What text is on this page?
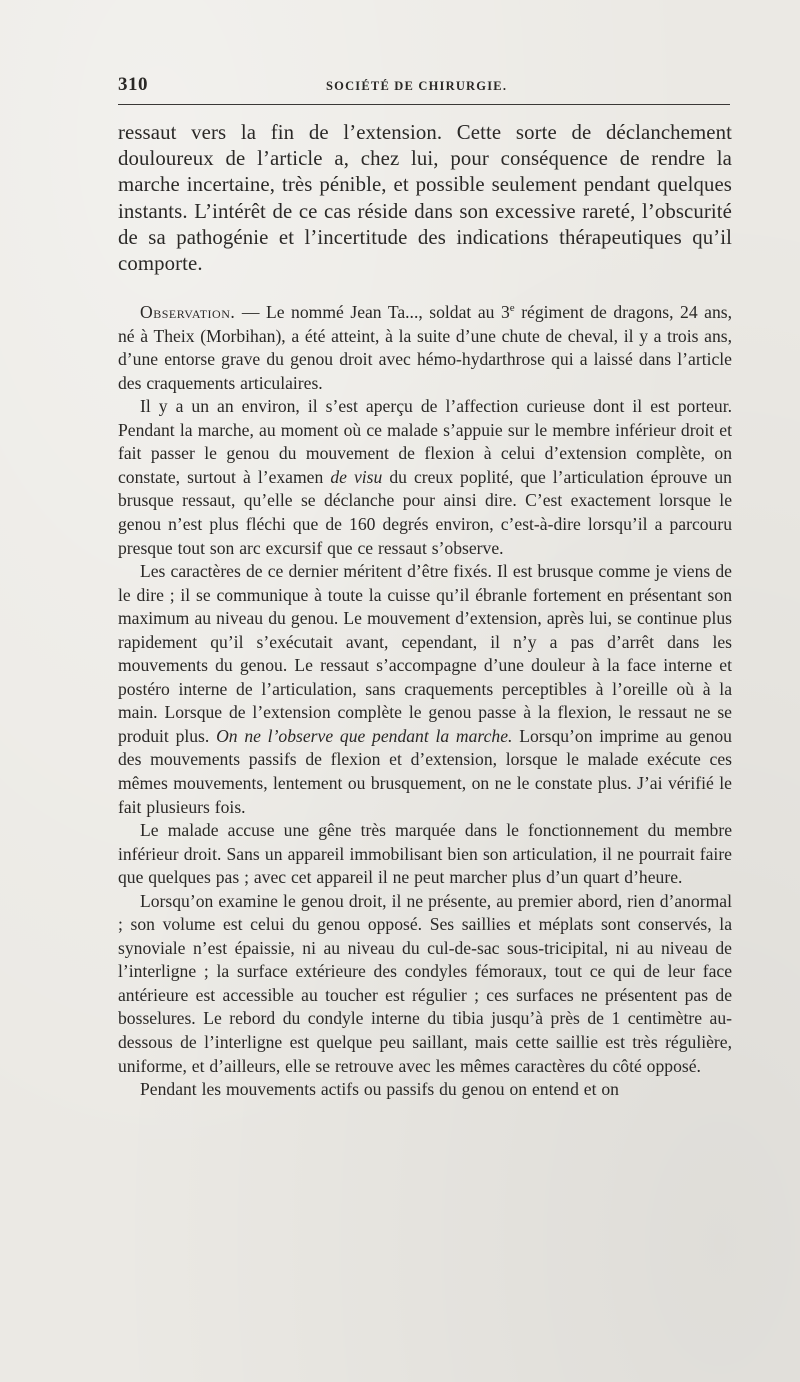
310	SOCIÉTÉ DE CHIRURGIE.

ressaut vers la fin de l’extension. Cette sorte de déclanchement douloureux de l’article a, chez lui, pour conséquence de rendre la marche incertaine, très pénible, et possible seulement pendant quelques instants. L’intérêt de ce cas réside dans son excessive rareté, l’obscurité de sa pathogénie et l’incertitude des indications thérapeutiques qu’il comporte.

Observation. — Le nommé Jean Ta..., soldat au 3e régiment de dragons, 24 ans, né à Theix (Morbihan), a été atteint, à la suite d’une chute de cheval, il y a trois ans, d’une entorse grave du genou droit avec hémo-hydarthrose qui a laissé dans l’article des craquements articulaires.

Il y a un an environ, il s’est aperçu de l’affection curieuse dont il est porteur. Pendant la marche, au moment où ce malade s’appuie sur le membre inférieur droit et fait passer le genou du mouvement de flexion à celui d’extension complète, on constate, surtout à l’examen de visu du creux poplité, que l’articulation éprouve un brusque ressaut, qu’elle se déclanche pour ainsi dire. C’est exactement lorsque le genou n’est plus fléchi que de 160 degrés environ, c’est-à-dire lorsqu’il a parcouru presque tout son arc excursif que ce ressaut s’observe.

Les caractères de ce dernier méritent d’être fixés. Il est brusque comme je viens de le dire ; il se communique à toute la cuisse qu’il ébranle fortement en présentant son maximum au niveau du genou. Le mouvement d’extension, après lui, se continue plus rapidement qu’il s’exécutait avant, cependant, il n’y a pas d’arrêt dans les mouvements du genou. Le ressaut s’accompagne d’une douleur à la face interne et postéro interne de l’articulation, sans craquements perceptibles à l’oreille où à la main. Lorsque de l’extension complète le genou passe à la flexion, le ressaut ne se produit plus. On ne l’observe que pendant la marche. Lorsqu’on imprime au genou des mouvements passifs de flexion et d’extension, lorsque le malade exécute ces mêmes mouvements, lentement ou brusquement, on ne le constate plus. J’ai vérifié le fait plusieurs fois.

Le malade accuse une gêne très marquée dans le fonctionnement du membre inférieur droit. Sans un appareil immobilisant bien son articulation, il ne pourrait faire que quelques pas ; avec cet appareil il ne peut marcher plus d’un quart d’heure.

Lorsqu’on examine le genou droit, il ne présente, au premier abord, rien d’anormal ; son volume est celui du genou opposé. Ses saillies et méplats sont conservés, la synoviale n’est épaissie, ni au niveau du cul-de-sac sous-tricipital, ni au niveau de l’interligne ; la surface extérieure des condyles fémoraux, tout ce qui de leur face antérieure est accessible au toucher est régulier ; ces surfaces ne présentent pas de bosselures. Le rebord du condyle interne du tibia jusqu’à près de 1 centimètre au-dessous de l’interligne est quelque peu saillant, mais cette saillie est très régulière, uniforme, et d’ailleurs, elle se retrouve avec les mêmes caractères du côté opposé.

Pendant les mouvements actifs ou passifs du genou on entend et on
